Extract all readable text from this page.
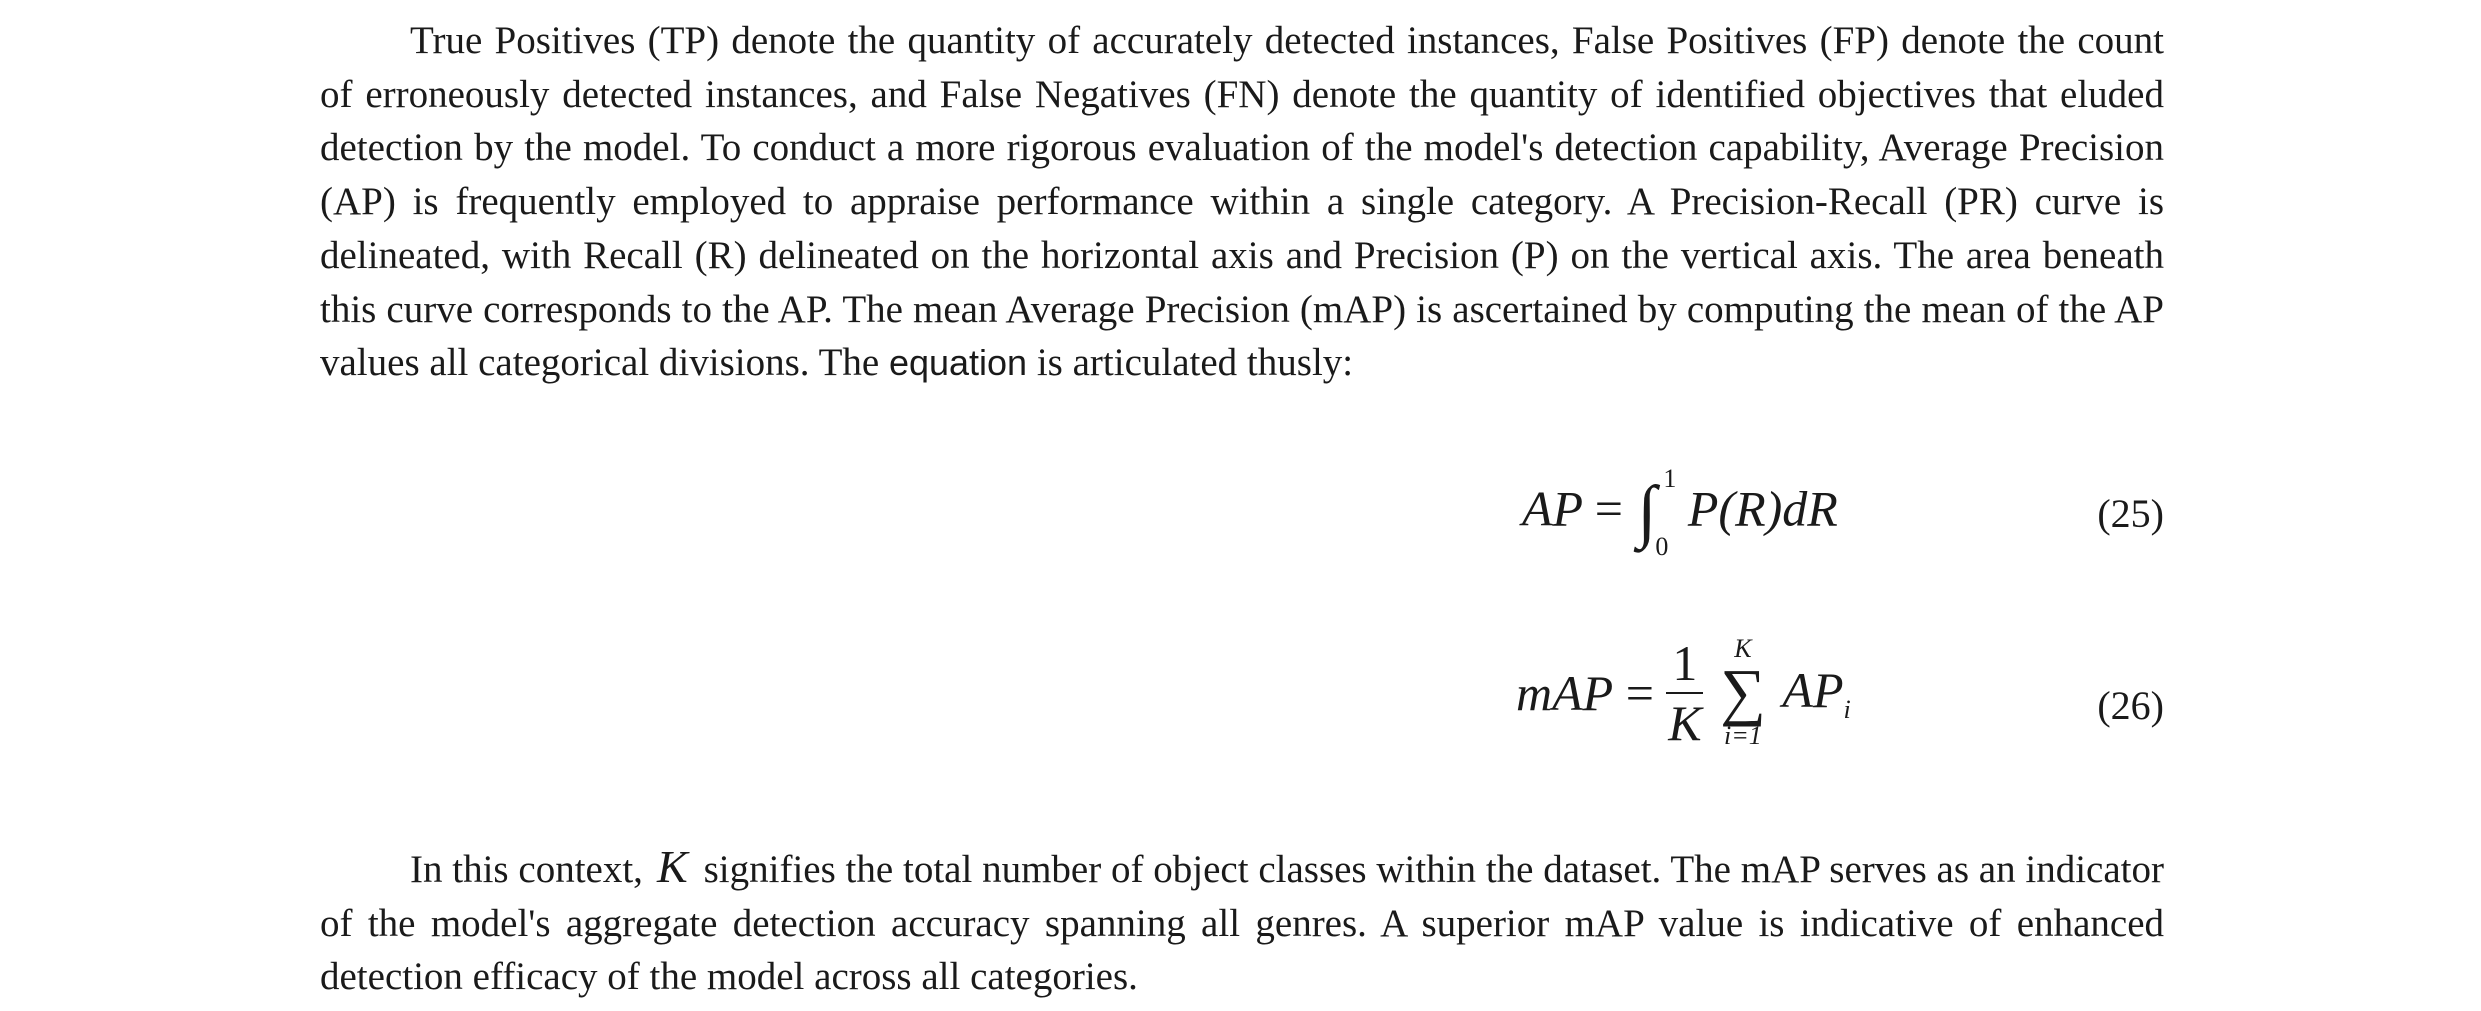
True Positives (TP) denote the quantity of accurately detected instances, False Positives (FP) denote the count of erroneously detected instances, and False Negatives (FN) denote the quantity of identified objectives that eluded detection by the model. To conduct a more rigorous evaluation of the model's detection capability, Average Precision (AP) is frequently employed to appraise performance within a single category. A Precision-Recall (PR) curve is delineated, with Recall (R) delineated on the horizontal axis and Precision (P) on the vertical axis. The area beneath this curve corresponds to the AP. The mean Average Precision (mAP) is ascertained by computing the mean of the AP values all categorical divisions. The equation is articulated thusly:

AP = ∫ 1
0
P(R)dR	(25)
mAP = $\frac{1}{K}$
	K
∑
i=1
$AP_i$	(26)

In this context, K signifies the total number of object classes within the dataset. The mAP serves as an indicator of the model's aggregate detection accuracy spanning all genres. A superior mAP value is indicative of enhanced detection efficacy of the model across all categories.
